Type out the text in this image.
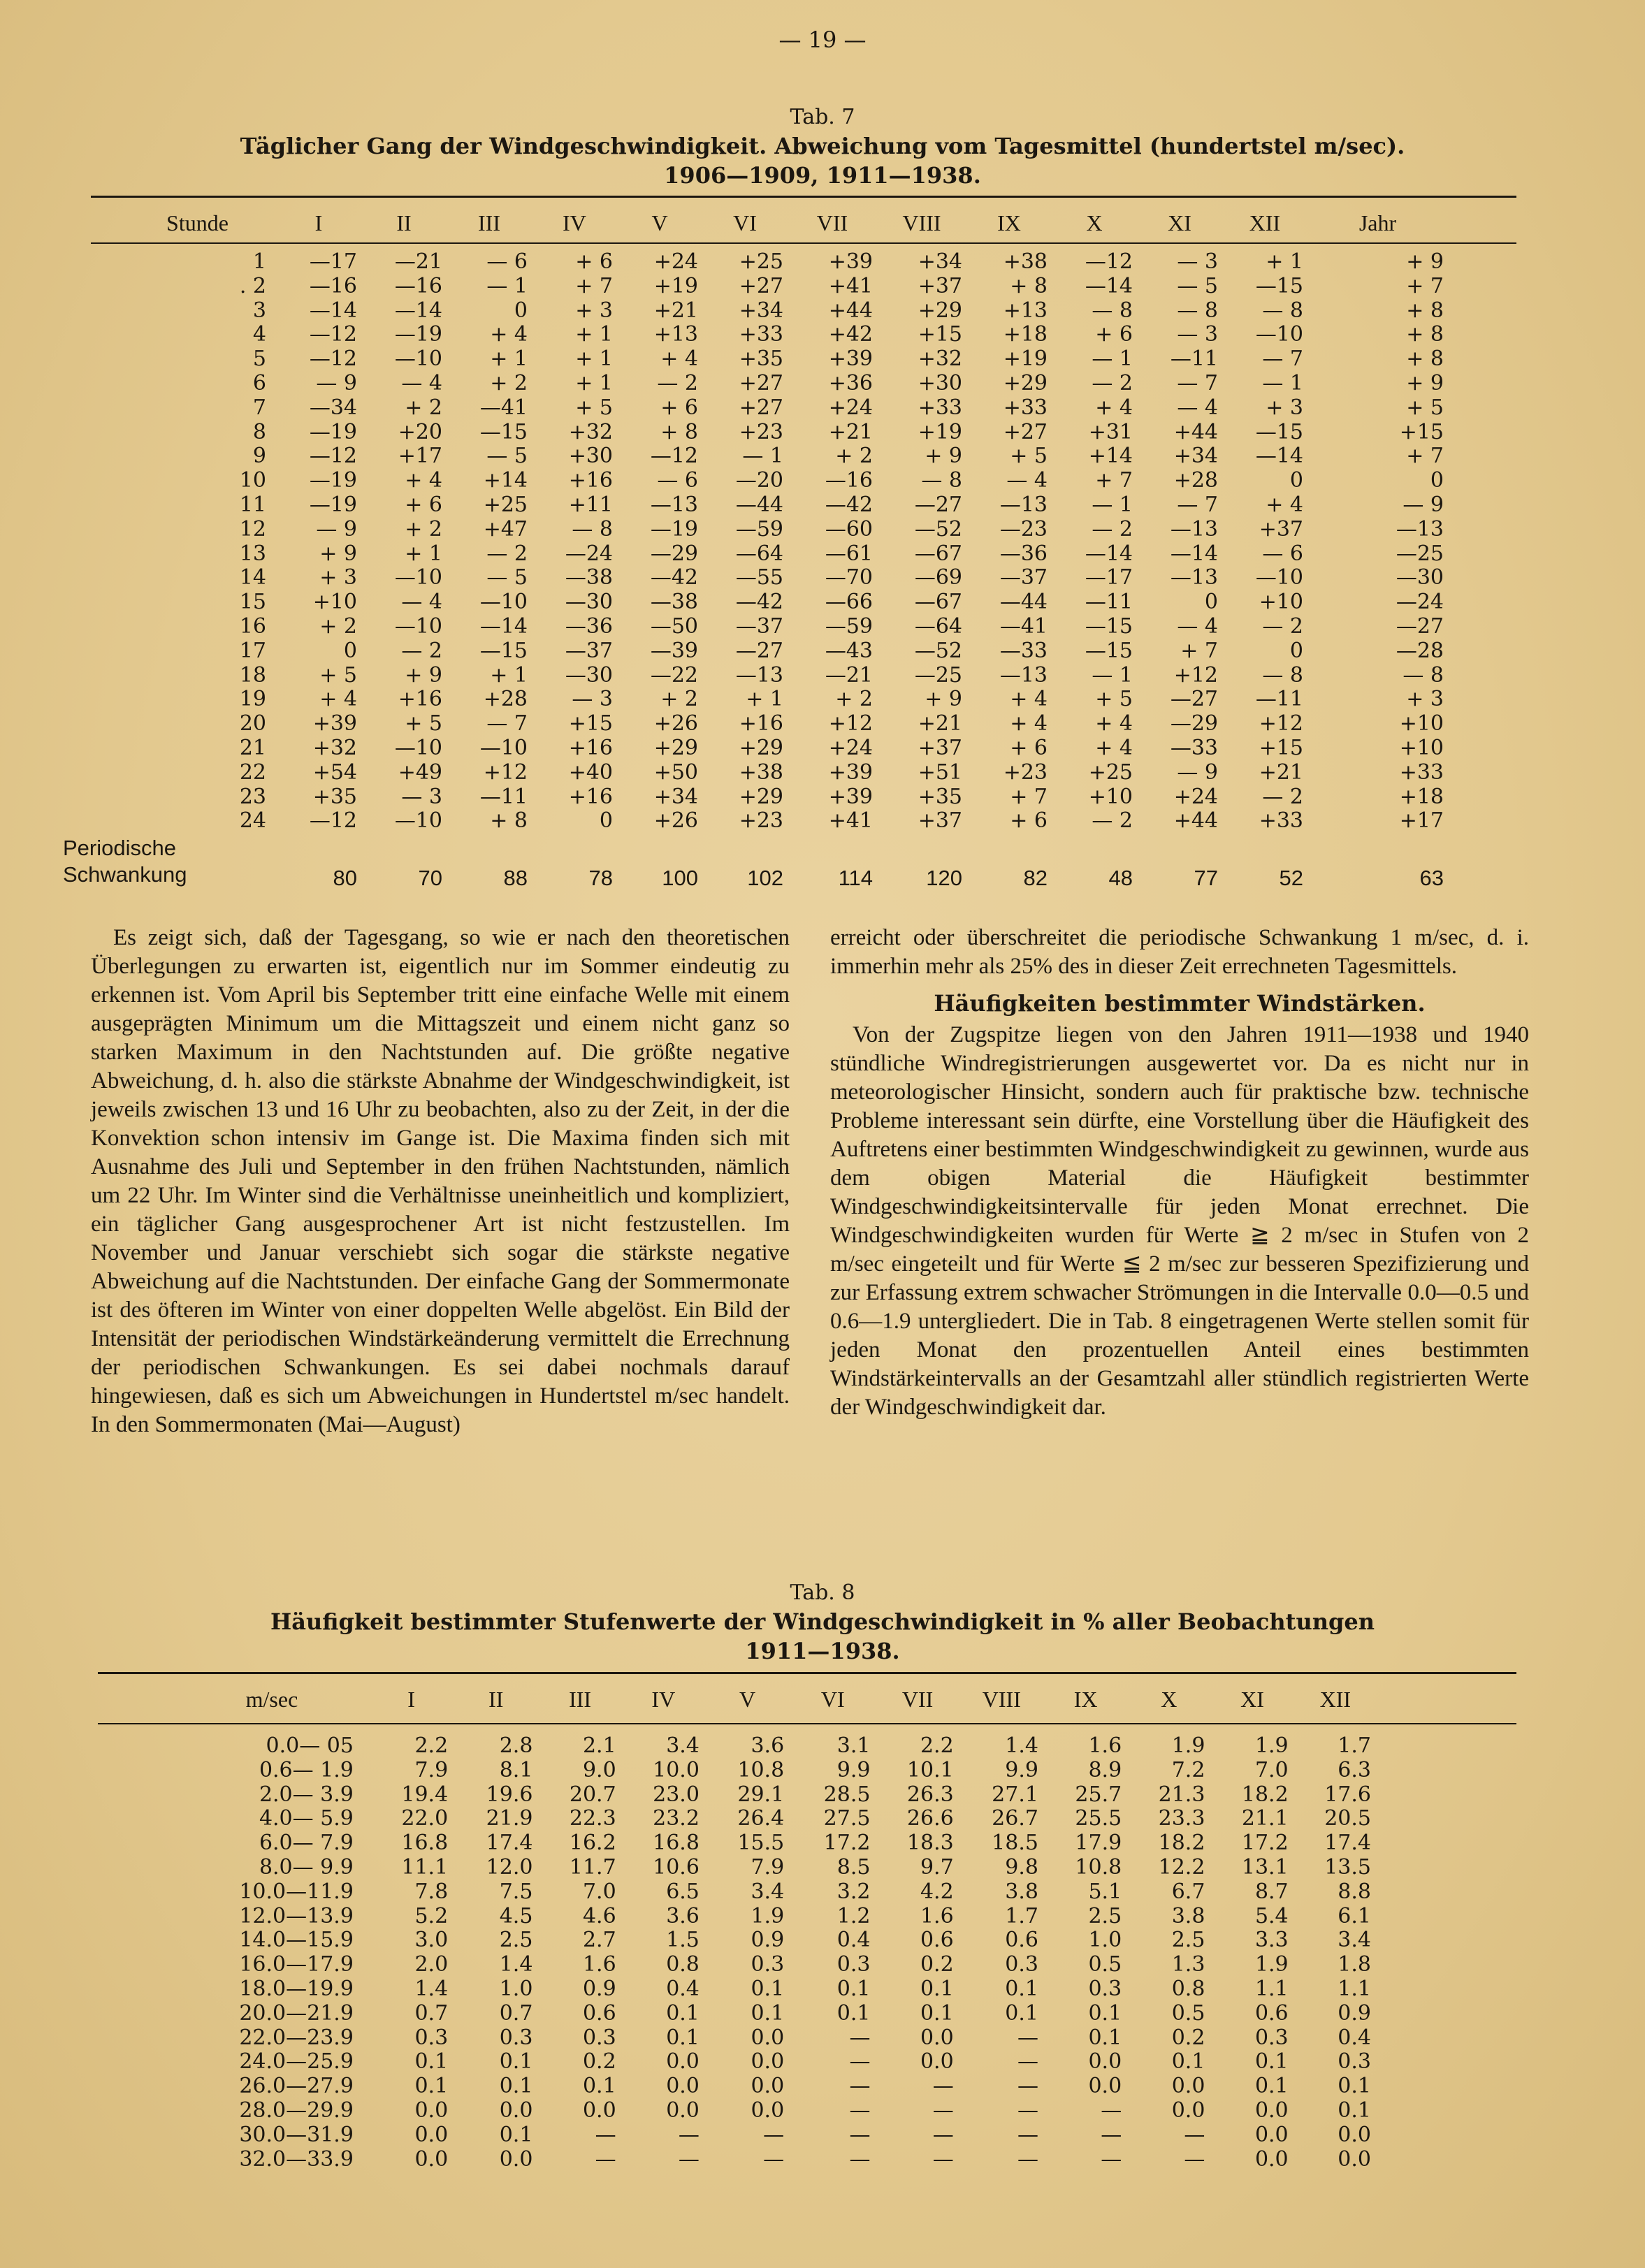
— 19 —
Tab. 7
Täglicher Gang der Windgeschwindigkeit. Abweichung vom Tagesmittel (hundertstel m/sec).
1906—1909, 1911—1938.
Stunde	I	II	III	IV	V	VI	VII	VIII	IX	X	XI	XII	Jahr

1	—17	—21	— 6	+ 6	+24	+25	+39	+34	+38	—12	— 3	+ 1	+ 9
. 2	—16	—16	— 1	+ 7	+19	+27	+41	+37	+ 8	—14	— 5	—15	+ 7
3	—14	—14	0	+ 3	+21	+34	+44	+29	+13	— 8	— 8	— 8	+ 8
4	—12	—19	+ 4	+ 1	+13	+33	+42	+15	+18	+ 6	— 3	—10	+ 8
5	—12	—10	+ 1	+ 1	+ 4	+35	+39	+32	+19	— 1	—11	— 7	+ 8
6	— 9	— 4	+ 2	+ 1	— 2	+27	+36	+30	+29	— 2	— 7	— 1	+ 9
7	—34	+ 2	—41	+ 5	+ 6	+27	+24	+33	+33	+ 4	— 4	+ 3	+ 5
8	—19	+20	—15	+32	+ 8	+23	+21	+19	+27	+31	+44	—15	+15
9	—12	+17	— 5	+30	—12	— 1	+ 2	+ 9	+ 5	+14	+34	—14	+ 7
10	—19	+ 4	+14	+16	— 6	—20	—16	— 8	— 4	+ 7	+28	0	0
11	—19	+ 6	+25	+11	—13	—44	—42	—27	—13	— 1	— 7	+ 4	— 9
12	— 9	+ 2	+47	— 8	—19	—59	—60	—52	—23	— 2	—13	+37	—13
13	+ 9	+ 1	— 2	—24	—29	—64	—61	—67	—36	—14	—14	— 6	—25
14	+ 3	—10	— 5	—38	—42	—55	—70	—69	—37	—17	—13	—10	—30
15	+10	— 4	—10	—30	—38	—42	—66	—67	—44	—11	0	+10	—24
16	+ 2	—10	—14	—36	—50	—37	—59	—64	—41	—15	— 4	— 2	—27
17	0	— 2	—15	—37	—39	—27	—43	—52	—33	—15	+ 7	0	—28
18	+ 5	+ 9	+ 1	—30	—22	—13	—21	—25	—13	— 1	+12	— 8	— 8
19	+ 4	+16	+28	— 3	+ 2	+ 1	+ 2	+ 9	+ 4	+ 5	—27	—11	+ 3
20	+39	+ 5	— 7	+15	+26	+16	+12	+21	+ 4	+ 4	—29	+12	+10
21	+32	—10	—10	+16	+29	+29	+24	+37	+ 6	+ 4	—33	+15	+10
22	+54	+49	+12	+40	+50	+38	+39	+51	+23	+25	— 9	+21	+33
23	+35	— 3	—11	+16	+34	+29	+39	+35	+ 7	+10	+24	— 2	+18
24	—12	—10	+ 8	0	+26	+23	+41	+37	+ 6	— 2	+44	+33	+17
Periodische
Schwankung	80	70	88	78	100	102	114	120	82	48	77	52	63

Es zeigt sich, daß der Tagesgang, so wie er nach den theoretischen Überlegungen zu erwarten ist, eigentlich nur im Sommer eindeutig zu erkennen ist. Vom April bis September tritt eine einfache Welle mit einem ausgeprägten Minimum um die Mittagszeit und einem nicht ganz so starken Maximum in den Nachtstunden auf. Die größte negative Abweichung, d. h. also die stärkste Abnahme der Windgeschwindigkeit, ist jeweils zwischen 13 und 16 Uhr zu beobachten, also zu der Zeit, in der die Konvektion schon intensiv im Gange ist. Die Maxima finden sich mit Ausnahme des Juli und September in den frühen Nachtstunden, nämlich um 22 Uhr. Im Winter sind die Verhältnisse uneinheitlich und kompliziert, ein täglicher Gang ausgesprochener Art ist nicht festzustellen. Im November und Januar verschiebt sich sogar die stärkste negative Abweichung auf die Nachtstunden. Der einfache Gang der Sommermonate ist des öfteren im Winter von einer doppelten Welle abgelöst. Ein Bild der Intensität der periodischen Windstärkeänderung vermittelt die Errechnung der periodischen Schwankungen. Es sei dabei nochmals darauf hingewiesen, daß es sich um Abweichungen in Hundertstel m/sec handelt. In den Sommermonaten (Mai—August)

erreicht oder überschreitet die periodische Schwankung 1 m/sec, d. i. immerhin mehr als 25% des in dieser Zeit errechneten Tagesmittels.

Häufigkeiten bestimmter Windstärken.

Von der Zugspitze liegen von den Jahren 1911—1938 und 1940 stündliche Windregistrierungen ausgewertet vor. Da es nicht nur in meteorologischer Hinsicht, sondern auch für praktische bzw. technische Probleme interessant sein dürfte, eine Vorstellung über die Häufigkeit des Auftretens einer bestimmten Windgeschwindigkeit zu gewinnen, wurde aus dem obigen Material die Häufigkeit bestimmter Windgeschwindigkeitsintervalle für jeden Monat errechnet. Die Windgeschwindigkeiten wurden für Werte ≧ 2 m/sec in Stufen von 2 m/sec eingeteilt und für Werte ≦ 2 m/sec zur besseren Spezifizierung und zur Erfassung extrem schwacher Strömungen in die Intervalle 0.0—0.5 und 0.6—1.9 untergliedert. Die in Tab. 8 eingetragenen Werte stellen somit für jeden Monat den prozentuellen Anteil eines bestimmten Windstärkeintervalls an der Gesamtzahl aller stündlich registrierten Werte der Windgeschwindigkeit dar.

Tab. 8
Häufigkeit bestimmter Stufenwerte der Windgeschwindigkeit in % aller Beobachtungen
1911—1938.
m/sec	I	II	III	IV	V	VI	VII	VIII	IX	X	XI	XII

0.0— 05	2.2	2.8	2.1	3.4	3.6	3.1	2.2	1.4	1.6	1.9	1.9	1.7
0.6— 1.9	7.9	8.1	9.0	10.0	10.8	9.9	10.1	9.9	8.9	7.2	7.0	6.3
2.0— 3.9	19.4	19.6	20.7	23.0	29.1	28.5	26.3	27.1	25.7	21.3	18.2	17.6
4.0— 5.9	22.0	21.9	22.3	23.2	26.4	27.5	26.6	26.7	25.5	23.3	21.1	20.5
6.0— 7.9	16.8	17.4	16.2	16.8	15.5	17.2	18.3	18.5	17.9	18.2	17.2	17.4
8.0— 9.9	11.1	12.0	11.7	10.6	7.9	8.5	9.7	9.8	10.8	12.2	13.1	13.5
10.0—11.9	7.8	7.5	7.0	6.5	3.4	3.2	4.2	3.8	5.1	6.7	8.7	8.8
12.0—13.9	5.2	4.5	4.6	3.6	1.9	1.2	1.6	1.7	2.5	3.8	5.4	6.1
14.0—15.9	3.0	2.5	2.7	1.5	0.9	0.4	0.6	0.6	1.0	2.5	3.3	3.4
16.0—17.9	2.0	1.4	1.6	0.8	0.3	0.3	0.2	0.3	0.5	1.3	1.9	1.8
18.0—19.9	1.4	1.0	0.9	0.4	0.1	0.1	0.1	0.1	0.3	0.8	1.1	1.1
20.0—21.9	0.7	0.7	0.6	0.1	0.1	0.1	0.1	0.1	0.1	0.5	0.6	0.9
22.0—23.9	0.3	0.3	0.3	0.1	0.0	—	0.0	—	0.1	0.2	0.3	0.4
24.0—25.9	0.1	0.1	0.2	0.0	0.0	—	0.0	—	0.0	0.1	0.1	0.3
26.0—27.9	0.1	0.1	0.1	0.0	0.0	—	—	—	0.0	0.0	0.1	0.1
28.0—29.9	0.0	0.0	0.0	0.0	0.0	—	—	—	—	0.0	0.0	0.1
30.0—31.9	0.0	0.1	—	—	—	—	—	—	—	—	0.0	0.0
32.0—33.9	0.0	0.0	—	—	—	—	—	—	—	—	0.0	0.0
